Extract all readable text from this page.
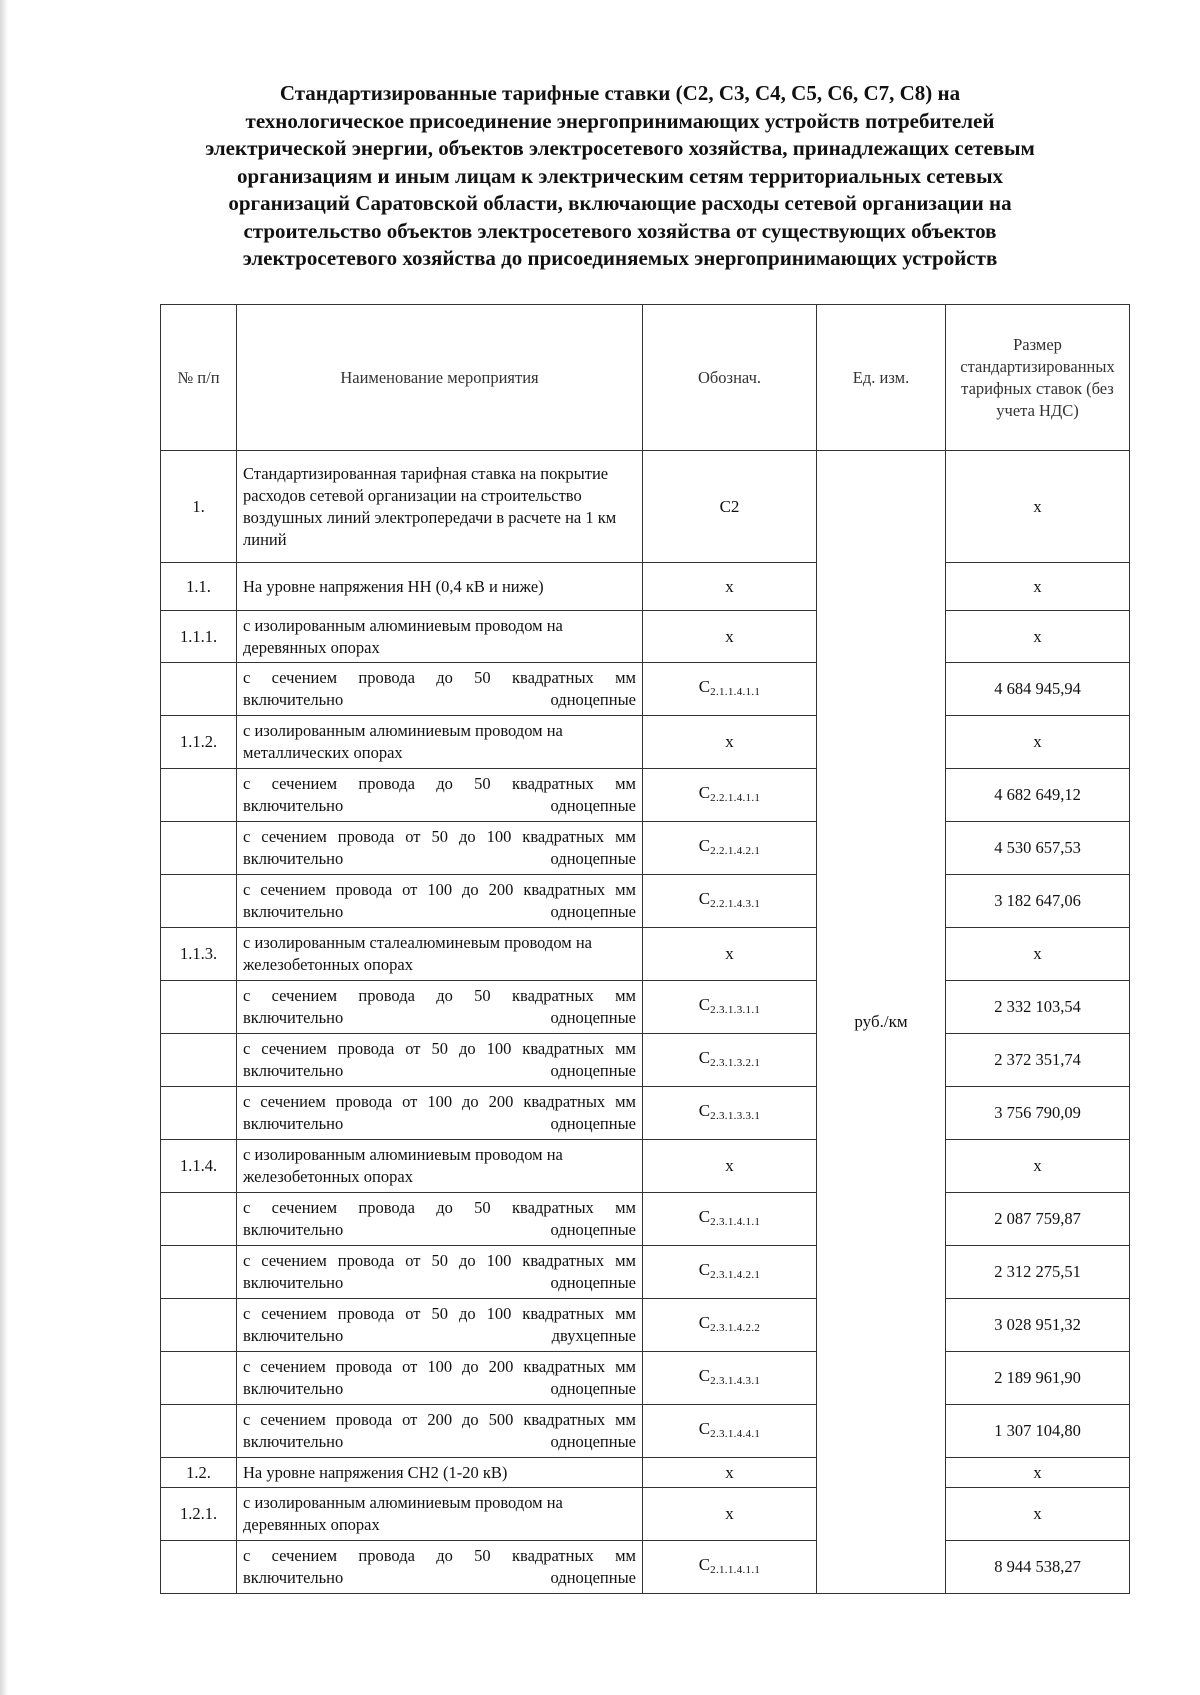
Стандартизированные тарифные ставки (С2, С3, С4, С5, С6, С7, С8) на
технологическое присоединение энергопринимающих устройств потребителей
электрической энергии, объектов электросетевого хозяйства, принадлежащих сетевым
организациям и иным лицам к электрическим сетям территориальных сетевых
организаций Саратовской области, включающие расходы сетевой организации на
строительство объектов электросетевого хозяйства от существующих объектов
электросетевого хозяйства до присоединяемых энергопринимающих устройств
№ п/п	Наименование мероприятия	Обознач.	Ед. изм.	Размер стандартизированных тарифных ставок (без учета НДС)
1.	Стандартизированная тарифная ставка на покрытие расходов сетевой организации на строительство воздушных линий электропередачи в расчете на 1 км линий	С2	руб./км	х
1.1.	На уровне напряжения НН (0,4 кВ и ниже)	х		х
1.1.1.	с изолированным алюминиевым проводом на деревянных опорах	х		х
	с сечением провода до 50 квадратных мм включительно одноцепные	С2.1.1.4.1.1		4 684 945,94
1.1.2.	с изолированным алюминиевым проводом на металлических опорах	х		х
	с сечением провода до 50 квадратных мм включительно одноцепные	С2.2.1.4.1.1		4 682 649,12
	с сечением провода от 50 до 100 квадратных мм включительно одноцепные	С2.2.1.4.2.1		4 530 657,53
	с сечением провода от 100 до 200 квадратных мм включительно одноцепные	С2.2.1.4.3.1		3 182 647,06
1.1.3.	с изолированным сталеалюминевым проводом на железобетонных опорах	х		х
	с сечением провода до 50 квадратных мм включительно одноцепные	С2.3.1.3.1.1		2 332 103,54
	с сечением провода от 50 до 100 квадратных мм включительно одноцепные	С2.3.1.3.2.1		2 372 351,74
	с сечением провода от 100 до 200 квадратных мм включительно одноцепные	С2.3.1.3.3.1		3 756 790,09
1.1.4.	с изолированным алюминиевым проводом на железобетонных опорах	х		х
	с сечением провода до 50 квадратных мм включительно одноцепные	С2.3.1.4.1.1		2 087 759,87
	с сечением провода от 50 до 100 квадратных мм включительно одноцепные	С2.3.1.4.2.1		2 312 275,51
	с сечением провода от 50 до 100 квадратных мм включительно двухцепные	С2.3.1.4.2.2		3 028 951,32
	с сечением провода от 100 до 200 квадратных мм включительно одноцепные	С2.3.1.4.3.1		2 189 961,90
	с сечением провода от 200 до 500 квадратных мм включительно одноцепные	С2.3.1.4.4.1		1 307 104,80
1.2.	На уровне напряжения СН2 (1-20 кВ)	х		х
1.2.1.	с изолированным алюминиевым проводом на деревянных опорах	х		х
	с сечением провода до 50 квадратных мм включительно одноцепные	С2.1.1.4.1.1		8 944 538,27
